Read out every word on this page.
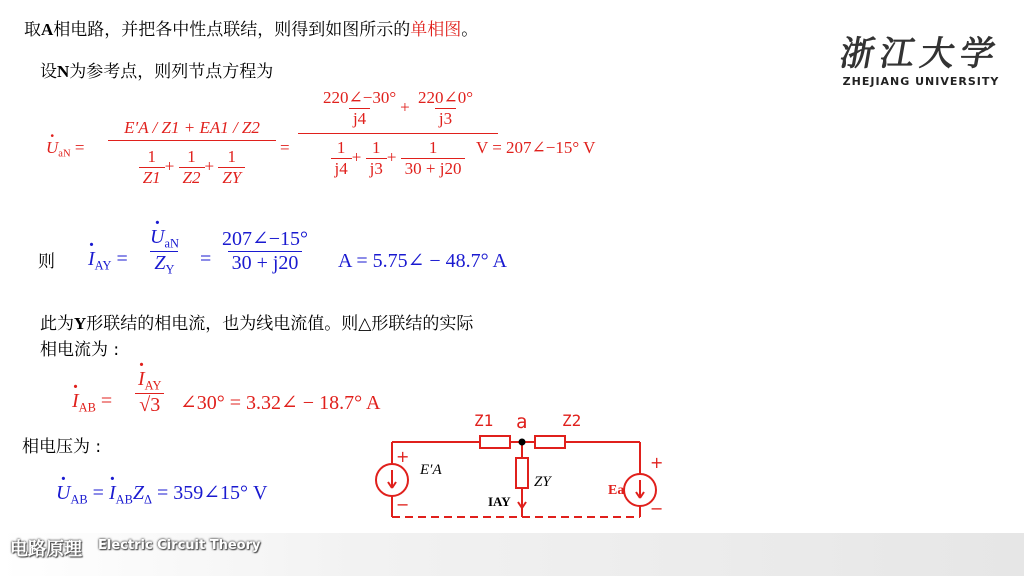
取A相电路，并把各中性点联结，则得到如图所示的单相图。
设N为参考点，则列节点方程为
· $U_{aN}$ =
E′A / Z1 + EA1 / Z2
$\frac{1}{Z1} + \frac{1}{Z2} + \frac{1}{ZY}$ =
$\frac{220\angle-30^\circ}{j4} + \frac{220\angle 0^\circ}{j3}$
$\frac{1}{j4} + \frac{1}{j3} + \frac{1}{30 + j20}$ V = 207∠−15° V
则 · $I_{AY}$ = · $\frac{U_{aN}}{Z_Y} = \frac{207\angle-15^\circ}{30 + j20}$ A = 5.75∠ − 48.7° A
此为Y形联结的相电流，也为线电流值。则△形联结的实际
相电流为 :
· $I_{AB}$ = · $\frac{I_{AY}}{√3}$ ∠30° = 3.32∠ − 18.7° A
相电压为 :
· $U_{AB}$ = · $I_{AB}Z_\Delta$ = 359∠15° V
Z1 a Z2
ZY
E′A
Ea
IAY
+
−
+
−
浙江大学
ZHEJIANG UNIVERSITY
电路原理 Electric Circuit Theory
